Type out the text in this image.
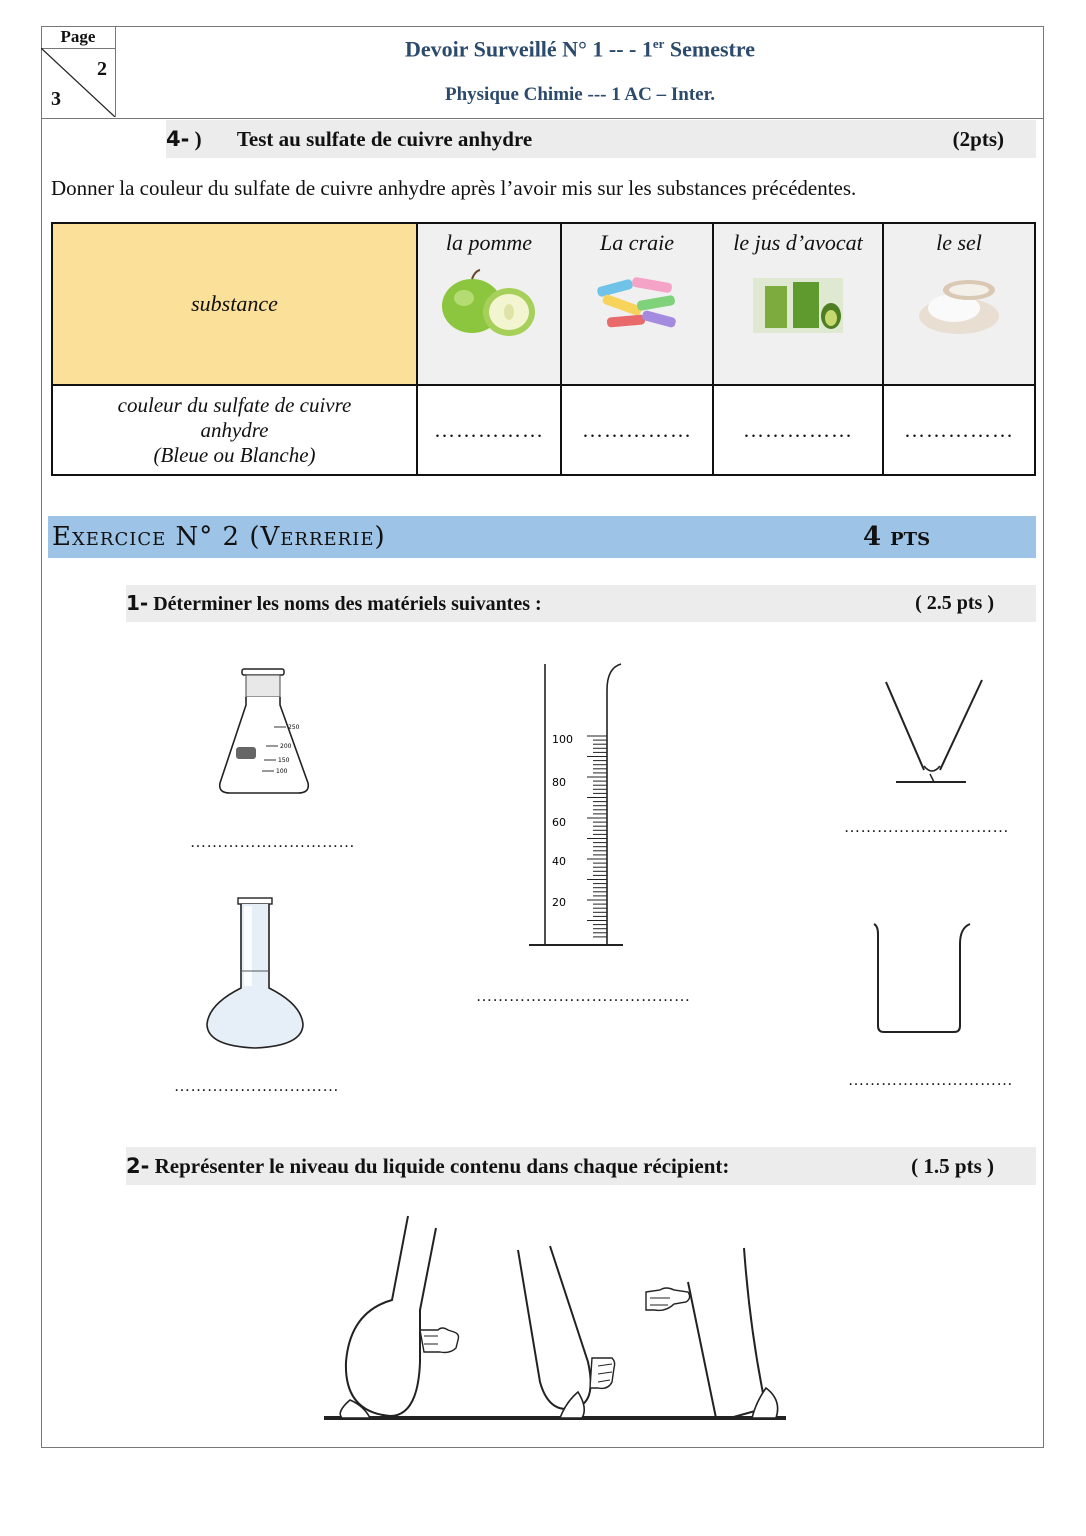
Page
2
3
Devoir Surveillé N° 1 -- - 1er Semestre
Physique Chimie --- 1 AC – Inter.
4- ) Test au sulfate de cuivre anhydre	(2pts)
Donner la couleur du sulfate de cuivre anhydre après l’avoir mis sur les substances précédentes.
substance	la pomme	La craie	le jus d’avocat	le sel

couleur du sulfate de cuivre
anhydre
(Bleue ou Blanche)	……………	……………	……………	……………
Exercice N° 2 (Verrerie)	4 pts
1- Déterminer les noms des matériels suivantes :	( 2.5 pts )
250
200
150
100
…………………………
100
80
60
40
20
…………………………………
…………………………
…………………………	…………………………
2- Représenter le niveau du liquide contenu dans chaque récipient:	( 1.5 pts )
